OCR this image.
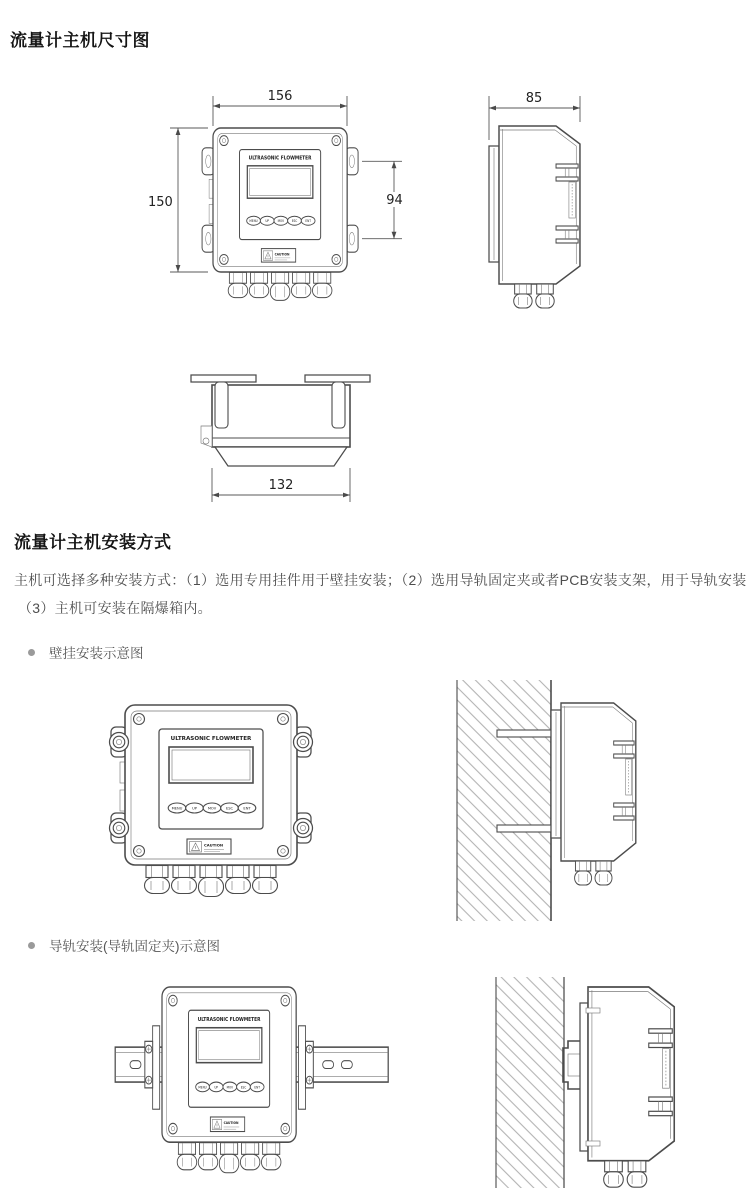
流量计主机尺寸图
156
150	94
ULTRASONIC FLOWMETER
MENU UP MOV ESC ENT
CAUTION
85
132
流量计主机安装方式
主机可选择多种安装方式：（1）选用专用挂件用于壁挂安装；（2）选用导轨固定夹或者PCB安装支架，用于导轨安装
（3）主机可安装在隔爆箱内。
壁挂安装示意图
ULTRASONIC FLOWMETER
MENU	UP	MOV	ESC	ENT
CAUTION
导轨安装(导轨固定夹)示意图
ULTRASONIC FLOWMETER
MENU UP MOV ESC ENT
CAUTION
